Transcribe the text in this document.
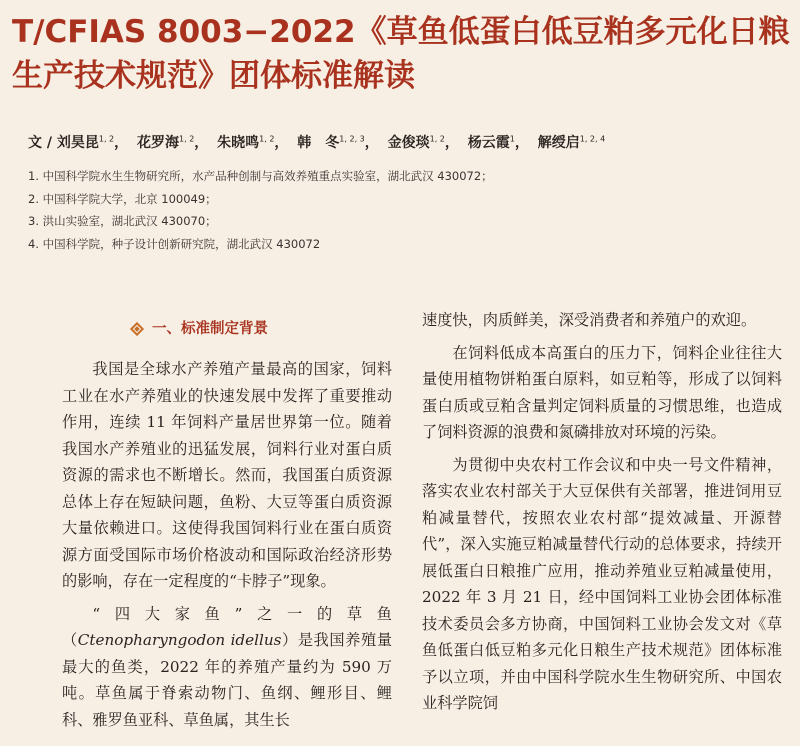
T/CFIAS 8003−2022《草鱼低蛋白低豆粕多元化日粮生产技术规范》团体标准解读
文 / 刘昊昆$^{1, 2}$， 花罗海$^{1, 2}$， 朱晓鸣$^{1, 2}$， 韩　冬$^{1, 2, 3}$， 金俊琰$^{1, 2}$， 杨云霞$^1$， 解绶启$^{1, 2, 4}$
1. 中国科学院水生生物研究所，水产品种创制与高效养殖重点实验室，湖北武汉 430072；
2. 中国科学院大学，北京 100049；
3. 洪山实验室，湖北武汉 430070；
4. 中国科学院，种子设计创新研究院，湖北武汉 430072
一、标准制定背景

我国是全球水产养殖产量最高的国家，饲料工业在水产养殖业的快速发展中发挥了重要推动作用，连续 11 年饲料产量居世界第一位。随着我国水产养殖业的迅猛发展，饲料行业对蛋白质资源的需求也不断增长。然而，我国蛋白质资源总体上存在短缺问题，鱼粉、大豆等蛋白质资源大量依赖进口。这使得我国饲料行业在蛋白质资源方面受国际市场价格波动和国际政治经济形势的影响，存在一定程度的“卡脖子”现象。

“四大家鱼”之一的草鱼（Ctenopharyngodon idellus）是我国养殖量最大的鱼类，2022 年的养殖产量约为 590 万吨。草鱼属于脊索动物门、鱼纲、鲤形目、鲤科、雅罗鱼亚科、草鱼属，其生长

速度快，肉质鲜美，深受消费者和养殖户的欢迎。

在饲料低成本高蛋白的压力下，饲料企业往往大量使用植物饼粕蛋白原料，如豆粕等，形成了以饲料蛋白质或豆粕含量判定饲料质量的习惯思维，也造成了饲料资源的浪费和氮磷排放对环境的污染。

为贯彻中央农村工作会议和中央一号文件精神，落实农业农村部关于大豆保供有关部署，推进饲用豆粕减量替代，按照农业农村部“提效减量、开源替代”，深入实施豆粕减量替代行动的总体要求，持续开展低蛋白日粮推广应用，推动养殖业豆粕减量使用，2022 年 3 月 21 日，经中国饲料工业协会团体标准技术委员会多方协商，中国饲料工业协会发文对《草鱼低蛋白低豆粕多元化日粮生产技术规范》团体标准予以立项，并由中国科学院水生生物研究所、中国农业科学院饲
